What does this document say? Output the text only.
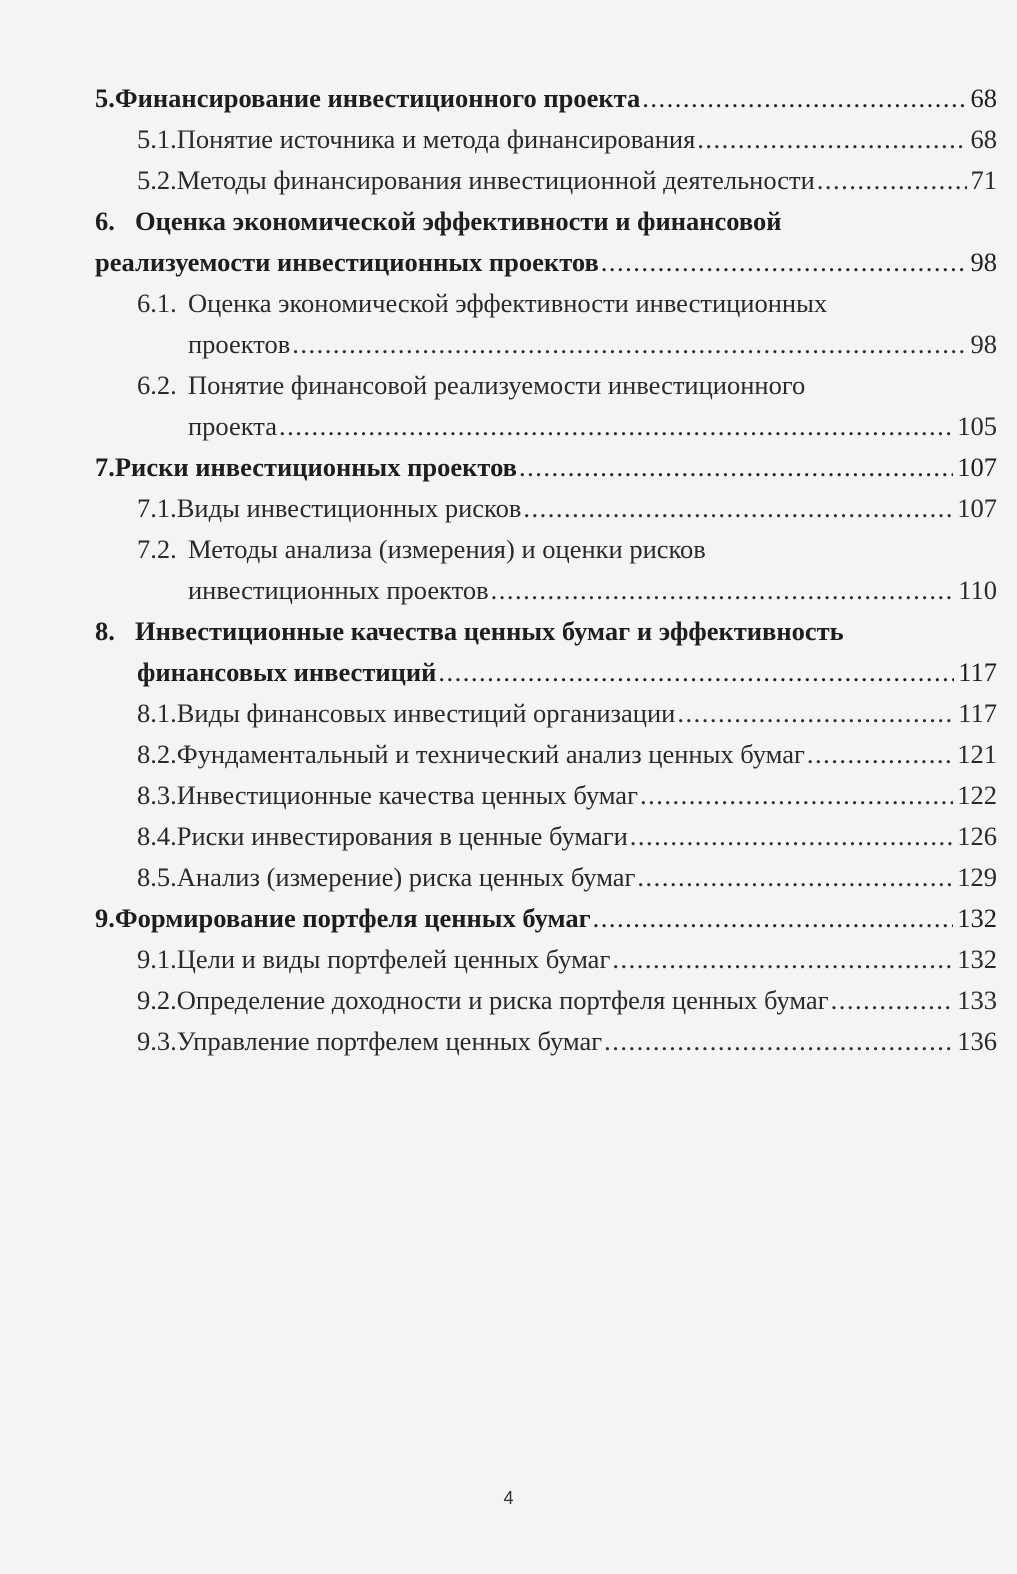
5. Финансирование инвестиционного проекта .....	68
5.1. Понятие источника и метода финансирования .....	68
5.2. Методы финансирования инвестиционной деятельности .....	71
6. Оценка экономической эффективности и финансовой
реализуемости инвестиционных проектов .....	98
6.1. Оценка экономической эффективности инвестиционных
проектов .....	98
6.2. Понятие финансовой реализуемости инвестиционного
проекта .....	105
7. Риски инвестиционных проектов .....	107
7.1. Виды инвестиционных рисков .....	107
7.2. Методы анализа (измерения) и оценки рисков
инвестиционных проектов .....	110
8. Инвестиционные качества ценных бумаг и эффективность
финансовых инвестиций .....	117
8.1. Виды финансовых инвестиций организации .....	117
8.2. Фундаментальный и технический анализ ценных бумаг .....	121
8.3. Инвестиционные качества ценных бумаг .....	122
8.4. Риски инвестирования в ценные бумаги .....	126
8.5. Анализ (измерение) риска ценных бумаг .....	129
9. Формирование портфеля ценных бумаг .....	132
9.1. Цели и виды портфелей ценных бумаг .....	132
9.2. Определение доходности и риска портфеля ценных бумаг .....	133
9.3. Управление портфелем ценных бумаг .....	136
4
